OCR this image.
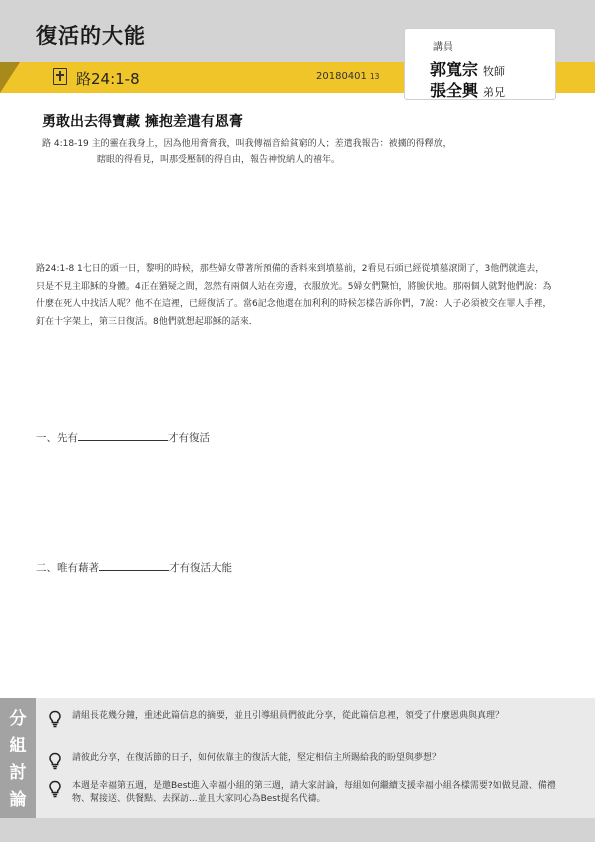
復活的大能
路24:1-8	20180401 13
講員
郭寬宗 牧師
張全興 弟兄
勇敢出去得寶藏 擁抱差遣有恩膏
路 4:18-19 主的靈在我身上，因為他用膏膏我，叫我傳福音給貧窮的人；差遣我報告：被擄的得釋放，
瞎眼的得看見，叫那受壓制的得自由，報告神悅納人的禧年。
路24:1-8 1七日的頭一日，黎明的時候，那些婦女帶著所預備的香料來到墳墓前，2看見石頭已經從墳墓滾開了，3他們就進去，只是不見主耶穌的身體。4正在猶疑之間，忽然有兩個人站在旁邊，衣服放光。5婦女們驚怕，將臉伏地。那兩個人就對他們說：為什麼在死人中找活人呢？他不在這裡，已經復活了。當6記念他還在加利利的時候怎樣告訴你們，7說：人子必須被交在罪人手裡，釘在十字架上，第三日復活。8他們就想起耶穌的話來．
一、先有	才有復活
二、唯有藉著	才有復活大能
分
組
討
論
請組長花幾分鐘，重述此篇信息的摘要，並且引導組員們彼此分享，從此篇信息裡，領受了什麼恩典與真理？
請彼此分享，在復活節的日子，如何依靠主的復活大能，堅定相信主所賜給我的盼望與夢想？
本週是幸福第五週，是邀Best進入幸福小組的第三週，請大家討論，每組如何繼續支援幸福小組各樣需要?如做見證、備禮物、幫接送、供餐點、去探訪...並且大家同心為Best提名代禱。
